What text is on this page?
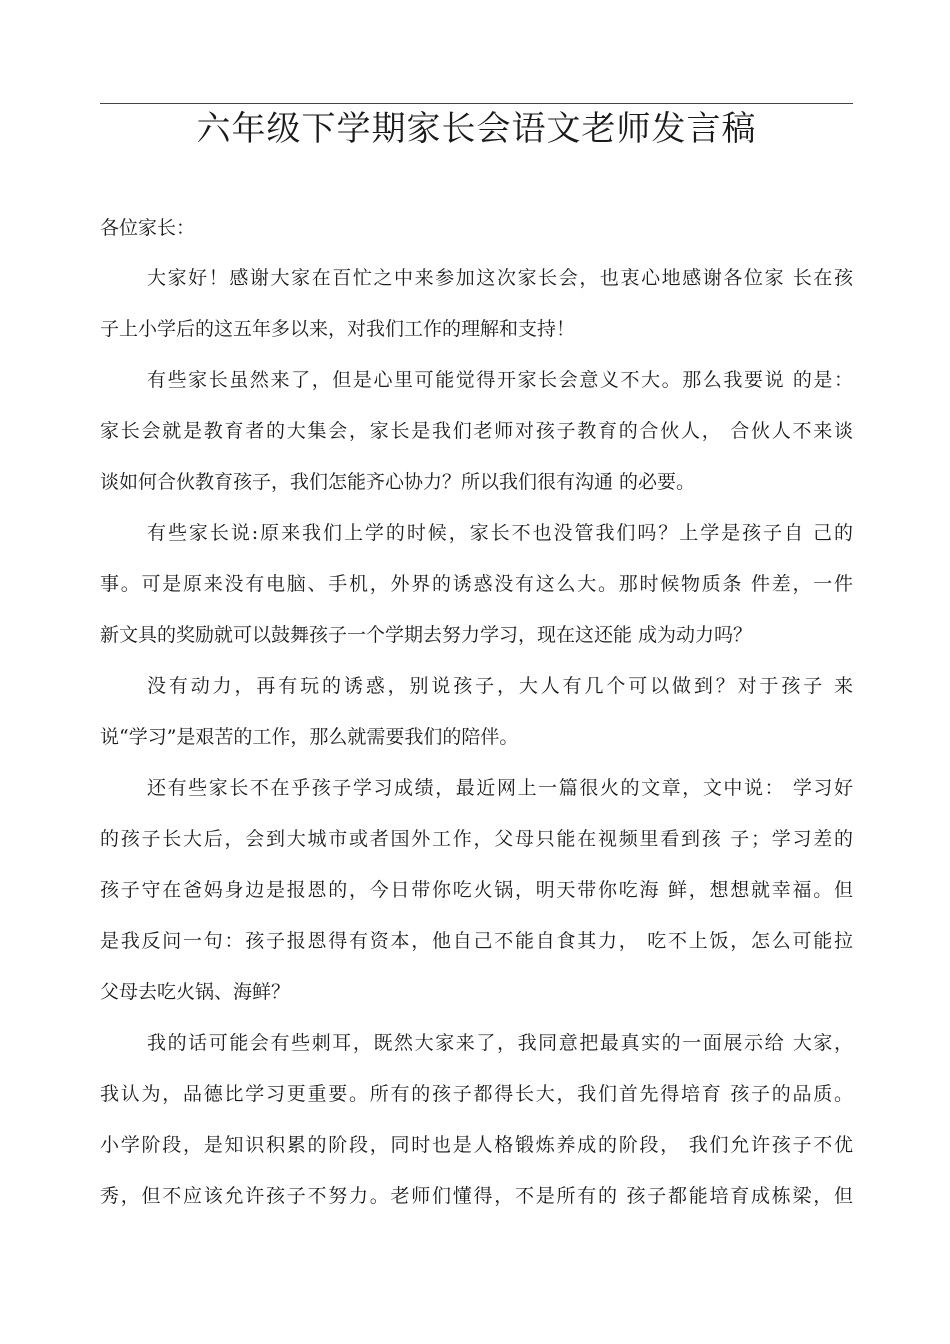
六年级下学期家长会语文老师发言稿

各位家长：

大家好！感谢大家在百忙之中来参加这次家长会，也衷心地感谢各位家 长在孩
子上小学后的这五年多以来，对我们工作的理解和支持！
有些家长虽然来了，但是心里可能觉得开家长会意义不大。那么我要说 的是：
家长会就是教育者的大集会，家长是我们老师对孩子教育的合伙人， 合伙人不来谈
谈如何合伙教育孩子，我们怎能齐心协力？所以我们很有沟通 的必要。
有些家长说:原来我们上学的时候，家长不也没管我们吗？上学是孩子自 己的
事。可是原来没有电脑、手机，外界的诱惑没有这么大。那时候物质条 件差，一件
新文具的奖励就可以鼓舞孩子一个学期去努力学习，现在这还能 成为动力吗？
没有动力，再有玩的诱惑，别说孩子，大人有几个可以做到？对于孩子 来
说“学习”是艰苦的工作，那么就需要我们的陪伴。
还有些家长不在乎孩子学习成绩，最近网上一篇很火的文章，文中说： 学习好
的孩子长大后，会到大城市或者国外工作，父母只能在视频里看到孩 子；学习差的
孩子守在爸妈身边是报恩的，今日带你吃火锅，明天带你吃海 鲜，想想就幸福。但
是我反问一句：孩子报恩得有资本，他自己不能自食其力， 吃不上饭，怎么可能拉
父母去吃火锅、海鲜？
我的话可能会有些刺耳，既然大家来了，我同意把最真实的一面展示给 大家，
我认为，品德比学习更重要。所有的孩子都得长大，我们首先得培育 孩子的品质。
小学阶段，是知识积累的阶段，同时也是人格锻炼养成的阶段， 我们允许孩子不优
秀，但不应该允许孩子不努力。老师们懂得，不是所有的 孩子都能培育成栋梁，但
